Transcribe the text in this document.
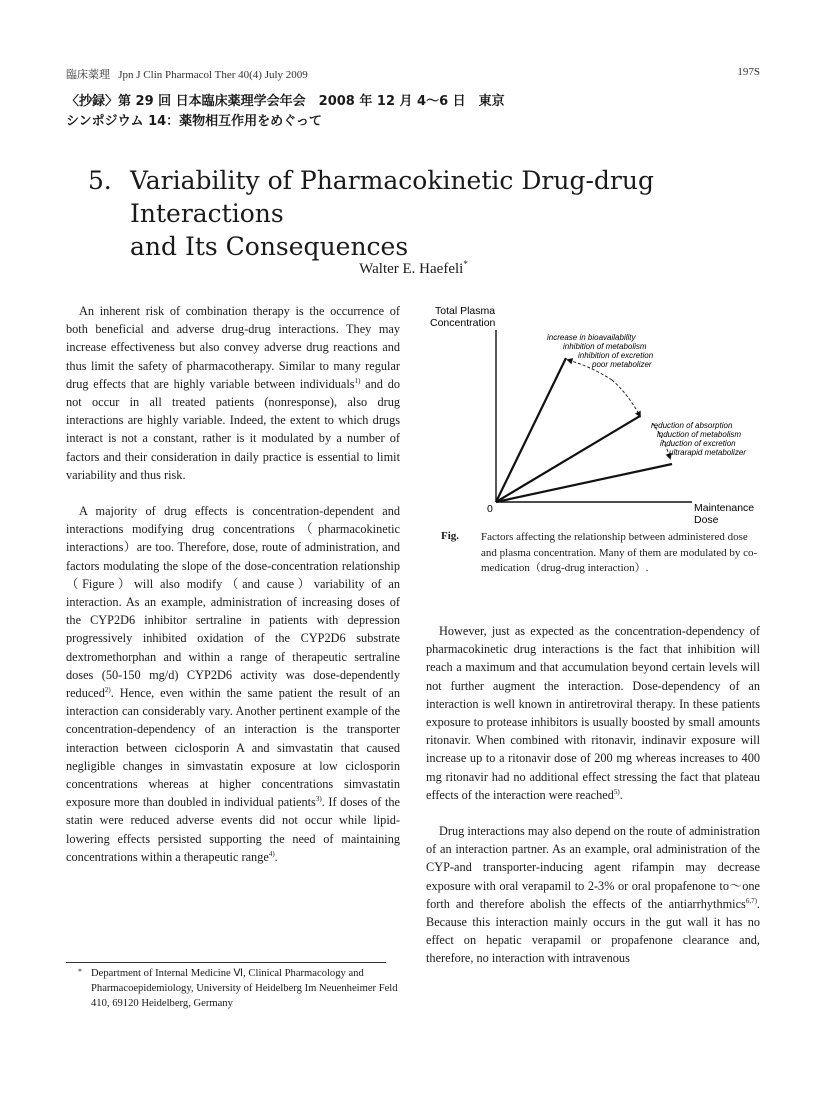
臨床薬理 Jpn J Clin Pharmacol Ther 40(4) July 2009	197S
〈抄録〉第 29 回 日本臨床薬理学会年会　2008 年 12 月 4〜6 日　東京
シンポジウム 14：薬物相互作用をめぐって
5． Variability of Pharmacokinetic Drug-drug Interactions
and Its Consequences
Walter E. Haefeli*

An inherent risk of combination therapy is the occurrence of both beneficial and adverse drug-drug interactions. They may increase effectiveness but also convey adverse drug reactions and thus limit the safety of pharmacotherapy. Similar to many regular drug effects that are highly variable between individuals$^{1)}$ and do not occur in all treated patients (nonresponse), also drug interactions are highly variable. Indeed, the extent to which drugs interact is not a constant, rather is it modulated by a number of factors and their consideration in daily practice is essential to limit variability and thus risk.

A majority of drug effects is concentration-dependent and interactions modifying drug concentrations（pharmacokinetic interactions）are too. Therefore, dose, route of administration, and factors modulating the slope of the dose-concentration relationship（Figure）will also modify（and cause）variability of an interaction. As an example, administration of increasing doses of the CYP2D6 inhibitor sertraline in patients with depression progressively inhibited oxidation of the CYP2D6 substrate dextromethorphan and within a range of therapeutic sertraline doses (50-150 mg/d) CYP2D6 activity was dose-dependently reduced$^{2)}$. Hence, even within the same patient the result of an interaction can considerably vary. Another pertinent example of the concentration-dependency of an interaction is the transporter interaction between ciclosporin A and simvastatin that caused negligible changes in simvastatin exposure at low ciclosporin concentrations whereas at higher concentrations simvastatin exposure more than doubled in individual patients$^{3)}$. If doses of the statin were reduced adverse events did not occur while lipid-lowering effects persisted supporting the need of maintaining concentrations within a therapeutic range$^{4)}$.

* Department of Internal Medicine Ⅵ, Clinical Pharmacology and Pharmacoepidemiology, University of Heidelberg Im Neuenheimer Feld 410, 69120 Heidelberg, Germany
Total Plasma
Concentration
0	Maintenance
Dose
increase in bioavailability
inhibition of metabolism
inhibition of excretion
poor metabolizer
reduction of absorption
induction of metabolism
induction of excretion
ultrarapid metabolizer
Fig. Factors affecting the relationship between administered dose and plasma concentration. Many of them are modulated by co-medication（drug-drug interaction）.

However, just as expected as the concentration-dependency of pharmacokinetic drug interactions is the fact that inhibition will reach a maximum and that accumulation beyond certain levels will not further augment the interaction. Dose-dependency of an interaction is well known in antiretroviral therapy. In these patients exposure to protease inhibitors is usually boosted by small amounts ritonavir. When combined with ritonavir, indinavir exposure will increase up to a ritonavir dose of 200 mg whereas increases to 400 mg ritonavir had no additional effect stressing the fact that plateau effects of the interaction were reached$^{5)}$.

Drug interactions may also depend on the route of administration of an interaction partner. As an example, oral administration of the CYP-and transporter-inducing agent rifampin may decrease exposure with oral verapamil to 2-3% or oral propafenone to〜one forth and therefore abolish the effects of the antiarrhythmics$^{6,7)}$. Because this interaction mainly occurs in the gut wall it has no effect on hepatic verapamil or propafenone clearance and, therefore, no interaction with intravenous
